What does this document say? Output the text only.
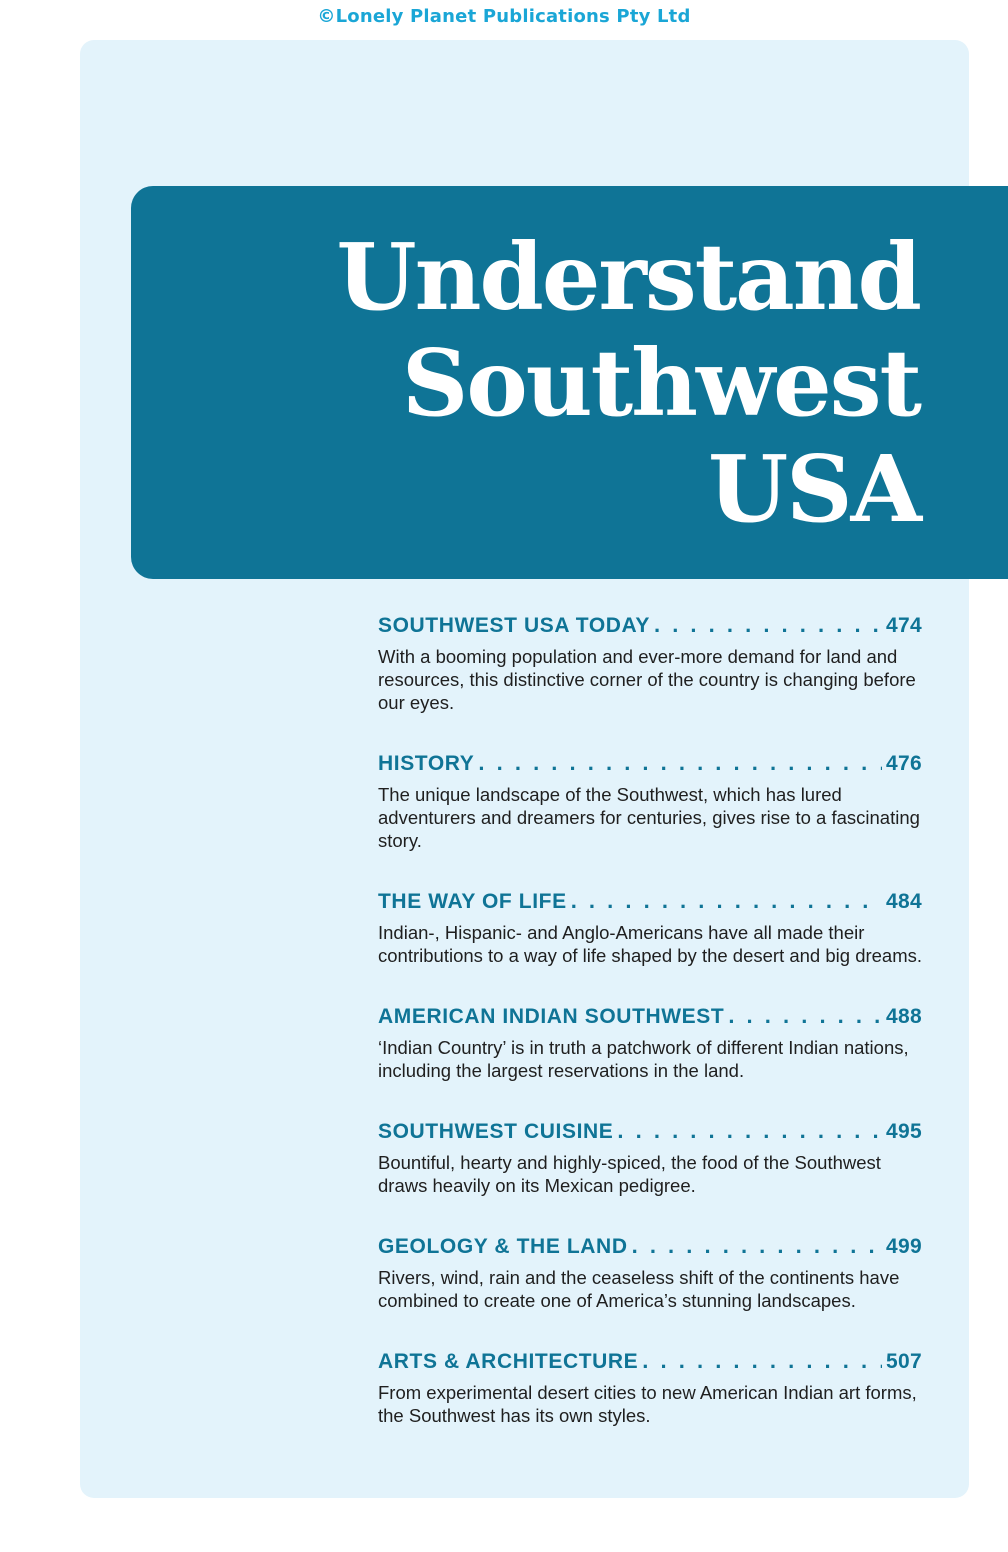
©Lonely Planet Publications Pty Ltd
Understand
Southwest
USA
SOUTHWEST USA TODAY . . .	474

With a booming population and ever-more demand for land and resources, this distinctive corner of the country is changing before our eyes.

HISTORY . . .	476

The unique landscape of the Southwest, which has lured adventurers and dreamers for centuries, gives rise to a fascinating story.

THE WAY OF LIFE . . .	484

Indian-, Hispanic- and Anglo-Americans have all made their contributions to a way of life shaped by the desert and big dreams.

AMERICAN INDIAN SOUTHWEST . . .	488

‘Indian Country’ is in truth a patchwork of different Indian nations, including the largest reservations in the land.

SOUTHWEST CUISINE . . .	495

Bountiful, hearty and highly-spiced, the food of the Southwest draws heavily on its Mexican pedigree.

GEOLOGY & THE LAND . . .	499

Rivers, wind, rain and the ceaseless shift of the continents have combined to create one of America’s stunning landscapes.

ARTS & ARCHITECTURE . . .	507

From experimental desert cities to new American Indian art forms, the Southwest has its own styles.
